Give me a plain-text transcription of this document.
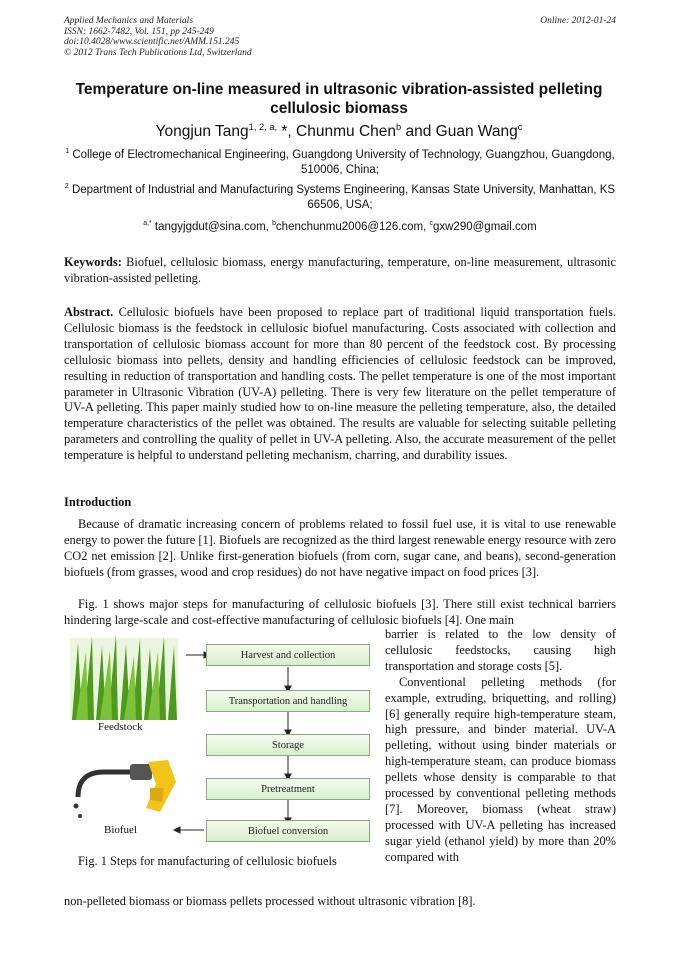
Applied Mechanics and Materials
ISSN: 1662-7482, Vol. 151, pp 245-249
doi:10.4028/www.scientific.net/AMM.151.245
© 2012 Trans Tech Publications Ltd, Switzerland
Online: 2012-01-24
Temperature on-line measured in ultrasonic vibration-assisted pelleting cellulosic biomass
Yongjun Tang$^{1, 2, a,}$ *, Chunmu Chen$^b$ and Guan Wang$^c$
$^1$ College of Electromechanical Engineering, Guangdong University of Technology, Guangzhou, Guangdong, 510006, China;
$^2$ Department of Industrial and Manufacturing Systems Engineering, Kansas State University, Manhattan, KS 66506, USA;
$^{a,*}$ tangyjgdut@sina.com, $^b$chenchunmu2006@126.com, $^c$gxw290@gmail.com
Keywords: Biofuel, cellulosic biomass, energy manufacturing, temperature, on-line measurement, ultrasonic vibration-assisted pelleting.
Abstract. Cellulosic biofuels have been proposed to replace part of traditional liquid transportation fuels. Cellulosic biomass is the feedstock in cellulosic biofuel manufacturing. Costs associated with collection and transportation of cellulosic biomass account for more than 80 percent of the feedstock cost. By processing cellulosic biomass into pellets, density and handling efficiencies of cellulosic feedstock can be improved, resulting in reduction of transportation and handling costs. The pellet temperature is one of the most important parameter in Ultrasonic Vibration (UV-A) pelleting. There is very few literature on the pellet temperature of UV-A pelleting. This paper mainly studied how to on-line measure the pelleting temperature, also, the detailed temperature characteristics of the pellet was obtained. The results are valuable for selecting suitable pelleting parameters and controlling the quality of pellet in UV-A pelleting. Also, the accurate measurement of the pellet temperature is helpful to understand pelleting mechanism, charring, and durability issues.
Introduction
Because of dramatic increasing concern of problems related to fossil fuel use, it is vital to use renewable energy to power the future [1]. Biofuels are recognized as the third largest renewable energy resource with zero CO2 net emission [2]. Unlike first-generation biofuels (from corn, sugar cane, and beans), second-generation biofuels (from grasses, wood and crop residues) do not have negative impact on food prices [3].
Fig. 1 shows major steps for manufacturing of cellulosic biofuels [3]. There still exist technical barriers hindering large-scale and cost-effective manufacturing of cellulosic biofuels [4]. One main
Harvest and collection
Transportation and handling
Storage
Pretreatment
Biofuel conversion
Feedstock
Biofuel
Fig. 1 Steps for manufacturing of cellulosic biofuels
barrier is related to the low density of cellulosic feedstocks, causing high transportation and storage costs [5].
Conventional pelleting methods (for example, extruding, briquetting, and rolling) [6] generally require high-temperature steam, high pressure, and binder material. UV-A pelleting, without using binder materials or high-temperature steam, can produce biomass pellets whose density is comparable to that processed by conventional pelleting methods [7]. Moreover, biomass (wheat straw) processed with UV-A pelleting has increased sugar yield (ethanol yield) by more than 20% compared with
non-pelleted biomass or biomass pellets processed without ultrasonic vibration [8].
